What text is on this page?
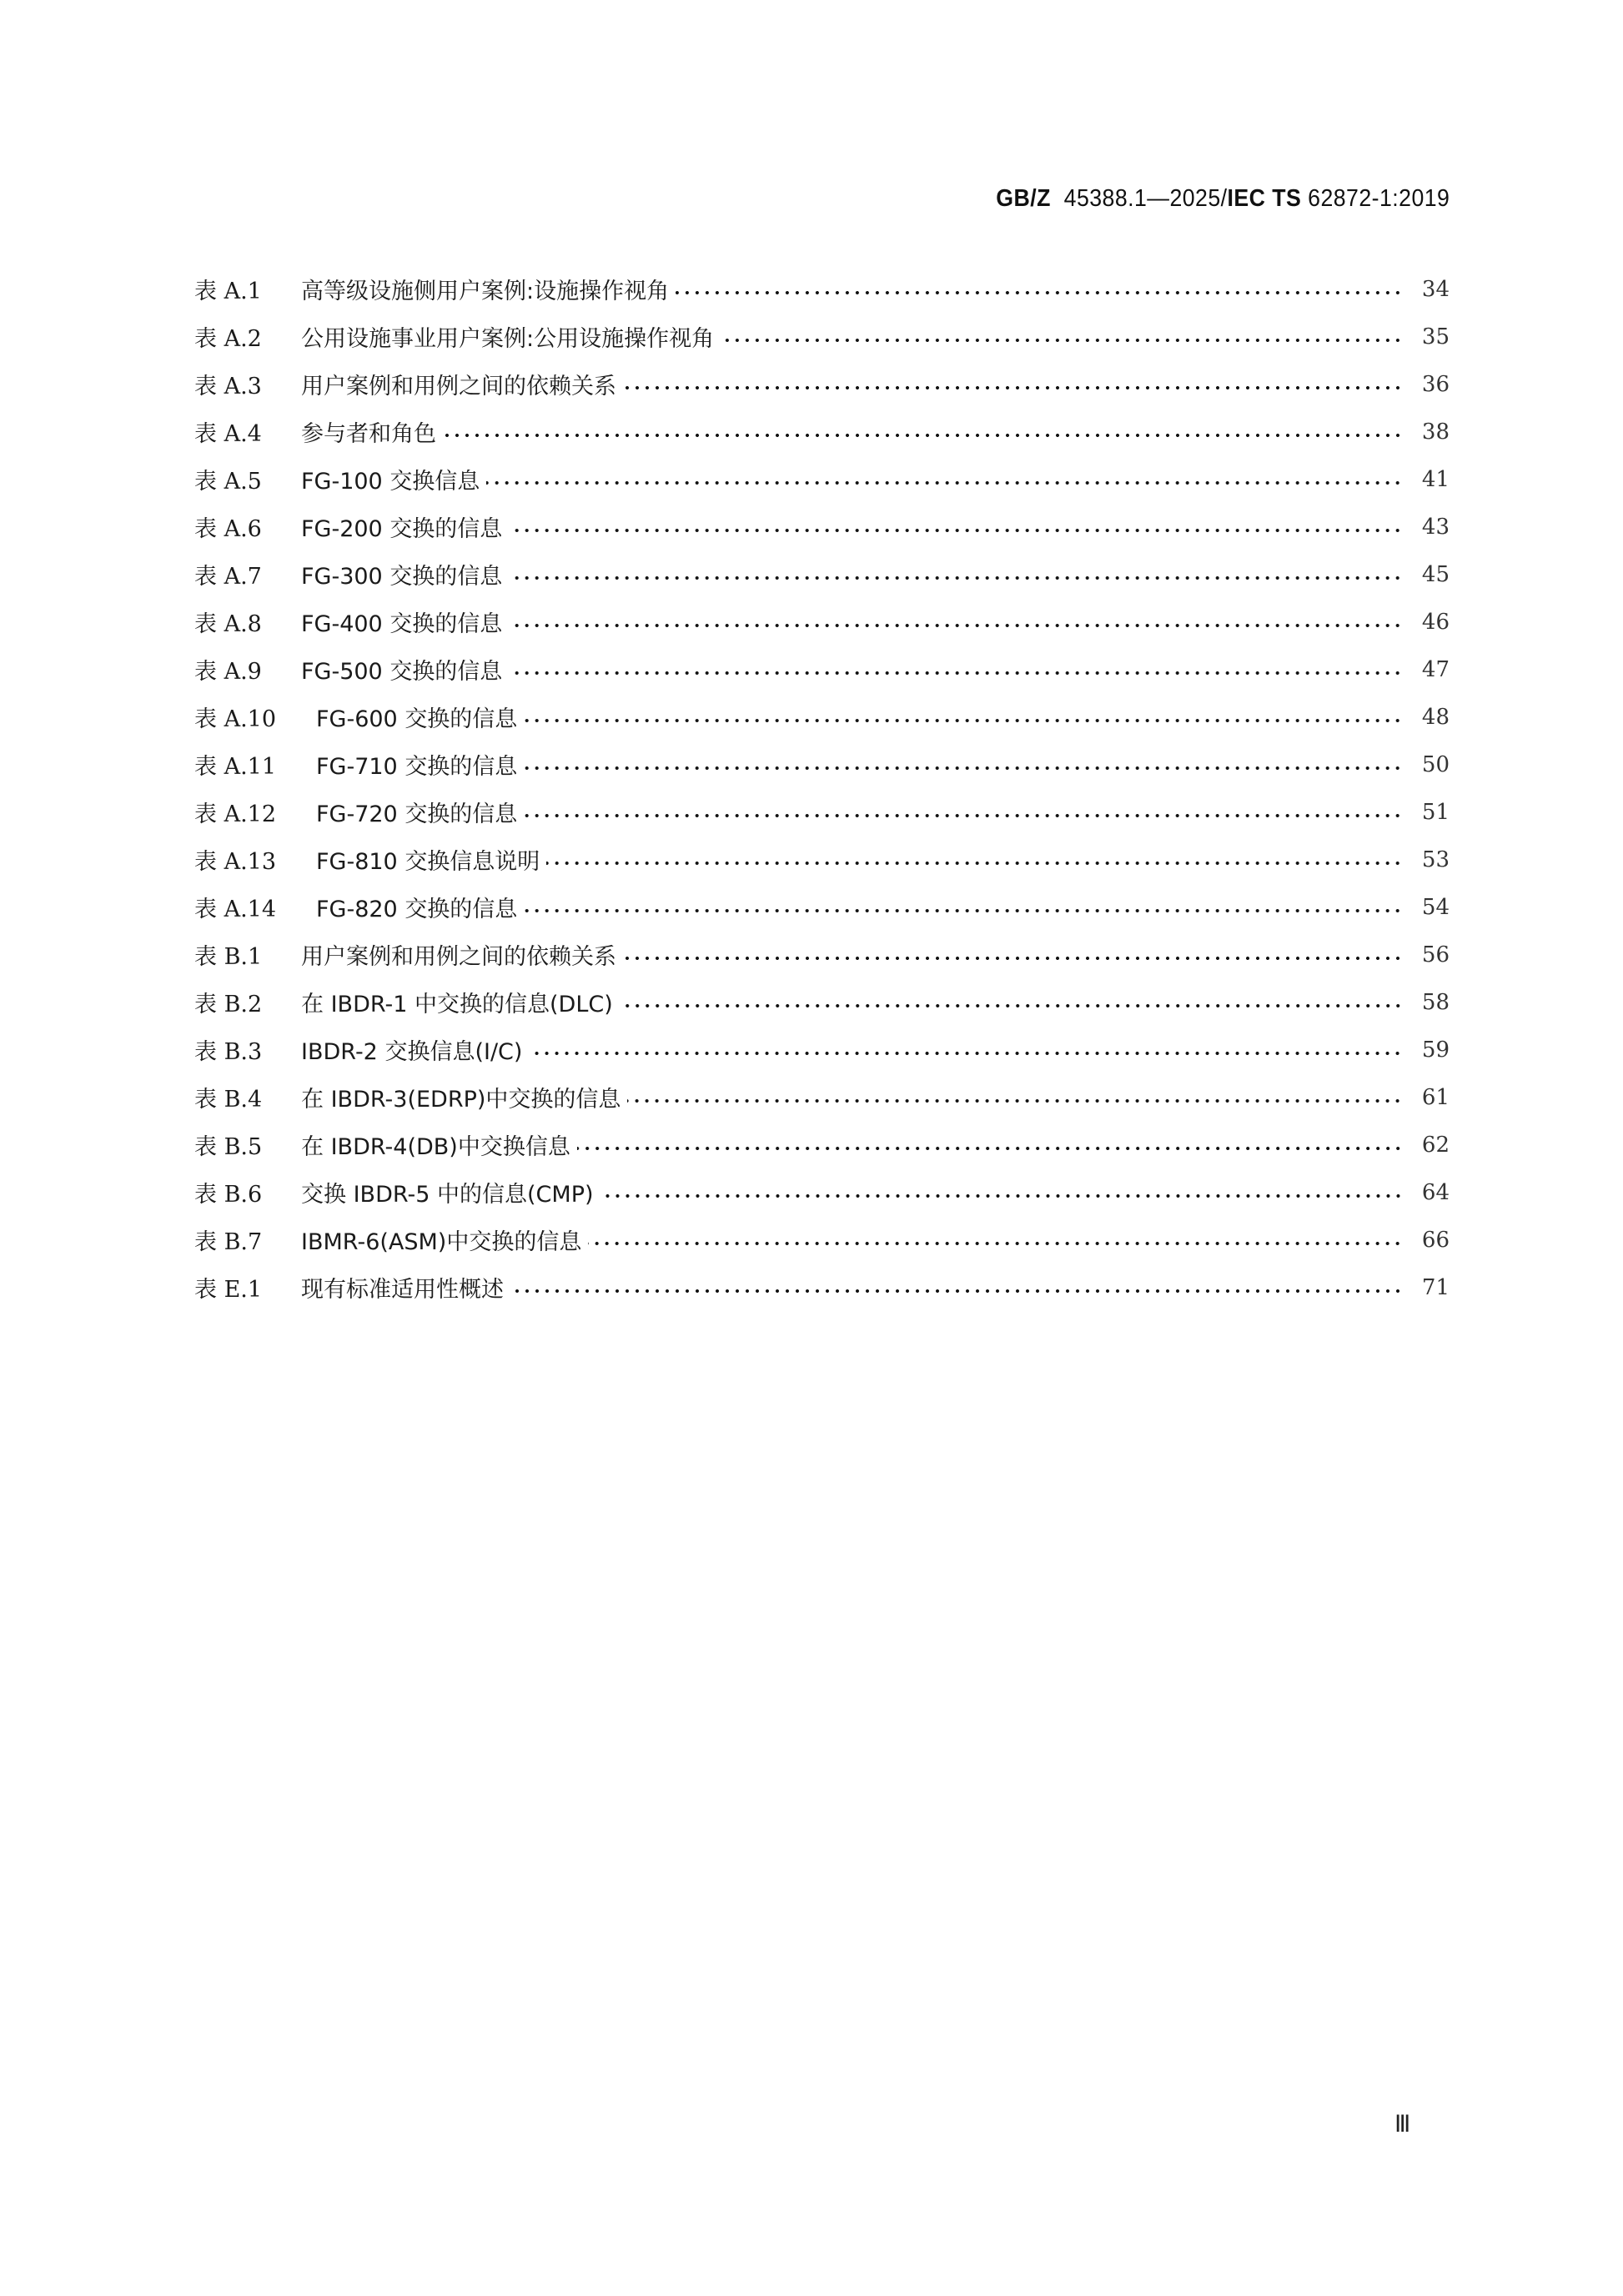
GB/Z 45388.1—2025/IEC TS 62872-1:2019
表 A.1	高等级设施侧用户案例:设施操作视角	34
表 A.2	公用设施事业用户案例:公用设施操作视角	35
表 A.3	用户案例和用例之间的依赖关系	36
表 A.4	参与者和角色	38
表 A.5	FG-100 交换信息	41
表 A.6	FG-200 交换的信息	43
表 A.7	FG-300 交换的信息	45
表 A.8	FG-400 交换的信息	46
表 A.9	FG-500 交换的信息	47
表 A.10	FG-600 交换的信息	48
表 A.11	FG-710 交换的信息	50
表 A.12	FG-720 交换的信息	51
表 A.13	FG-810 交换信息说明	53
表 A.14	FG-820 交换的信息	54
表 B.1	用户案例和用例之间的依赖关系	56
表 B.2	在 IBDR-1 中交换的信息(DLC)	58
表 B.3	IBDR-2 交换信息(I/C)	59
表 B.4	在 IBDR-3(EDRP)中交换的信息	61
表 B.5	在 IBDR-4(DB)中交换信息	62
表 B.6	交换 IBDR-5 中的信息(CMP)	64
表 B.7	IBMR-6(ASM)中交换的信息	66
表 E.1	现有标准适用性概述	71
Ⅲ
